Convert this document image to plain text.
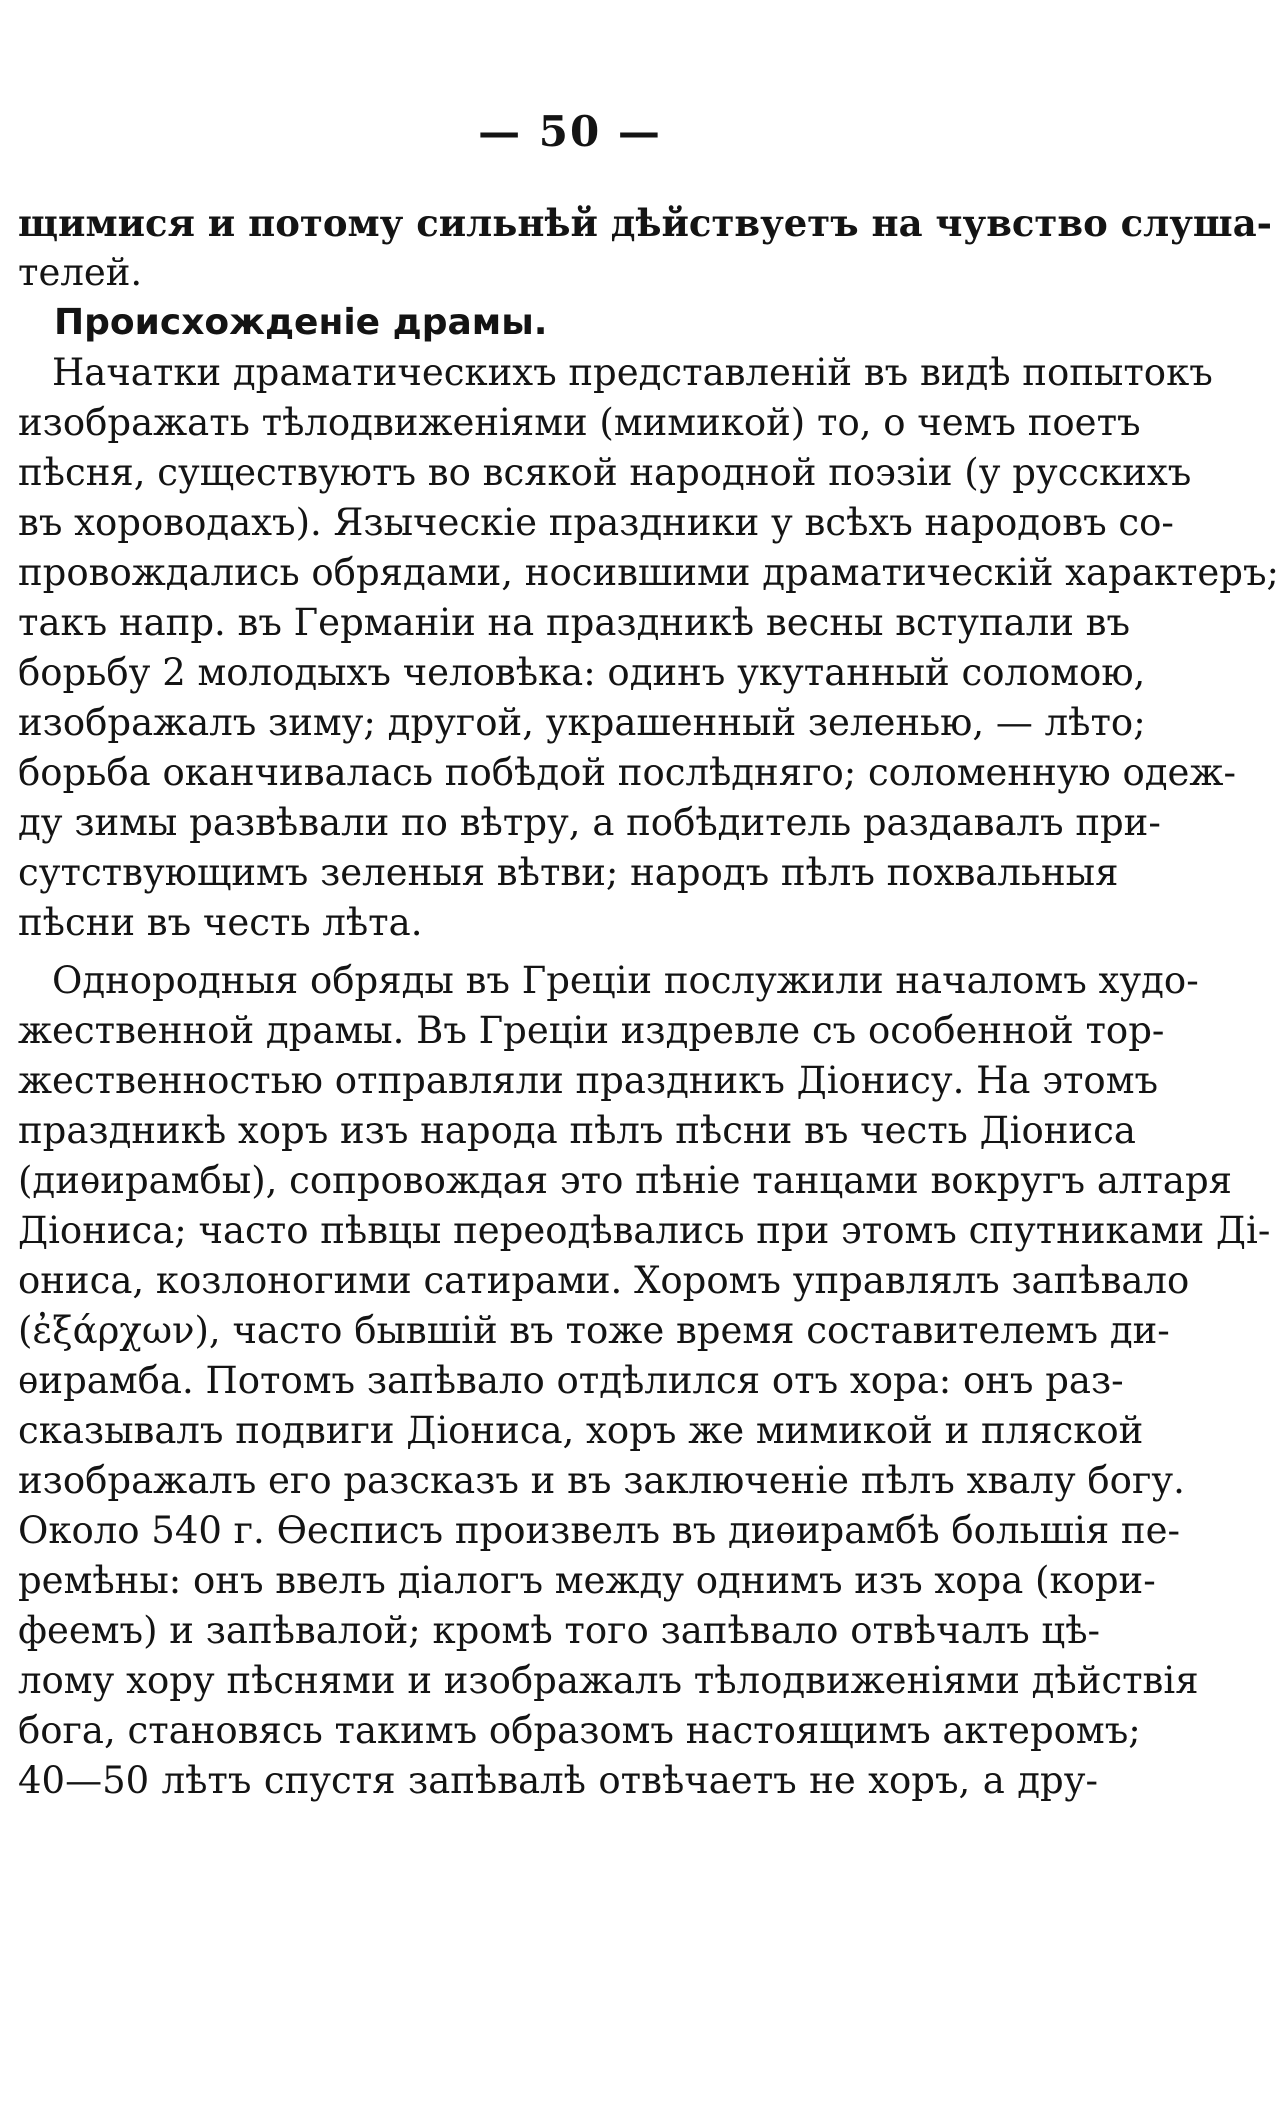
— 50 —
щимися и потому сильнѣй дѣйствуетъ на чувство слуша-
телей.
Происхожденіе драмы.
Начатки драматическихъ представленій въ видѣ попытокъ
изображать тѣлодвиженіями (мимикой) то, о чемъ поетъ
пѣсня, существуютъ во всякой народной поэзіи (у русскихъ
въ хороводахъ). Языческіе праздники у всѣхъ народовъ со-
провождались обрядами, носившими драматическій характеръ;
такъ напр. въ Германіи на праздникѣ весны вступали въ
борьбу 2 молодыхъ человѣка: одинъ укутанный соломою,
изображалъ зиму; другой, украшенный зеленью, — лѣто;
борьба оканчивалась побѣдой послѣдняго; соломенную одеж-
ду зимы развѣвали по вѣтру, а побѣдитель раздавалъ при-
сутствующимъ зеленыя вѣтви; народъ пѣлъ похвальныя
пѣсни въ честь лѣта.
Однородныя обряды въ Греціи послужили началомъ худо-
жественной драмы. Въ Греціи издревле съ особенной тор-
жественностью отправляли праздникъ Діонису. На этомъ
праздникѣ хоръ изъ народа пѣлъ пѣсни въ честь Діониса
(диѳирамбы), сопровождая это пѣніе танцами вокругъ алтаря
Діониса; часто пѣвцы переодѣвались при этомъ спутниками Ді-
ониса, козлоногими сатирами. Хоромъ управлялъ запѣвало
(ἐξάρχων), часто бывшій въ тоже время составителемъ ди-
ѳирамба. Потомъ запѣвало отдѣлился отъ хора: онъ раз-
сказывалъ подвиги Діониса, хоръ же мимикой и пляской
изображалъ его разсказъ и въ заключеніе пѣлъ хвалу богу.
Около 540 г. Ѳесписъ произвелъ въ диѳирамбѣ большія пе-
ремѣны: онъ ввелъ діалогъ между однимъ изъ хора (кори-
феемъ) и запѣвалой; кромѣ того запѣвало отвѣчалъ цѣ-
лому хору пѣснями и изображалъ тѣлодвиженіями дѣйствія
бога, становясь такимъ образомъ настоящимъ актеромъ;
40—50 лѣтъ спустя запѣвалѣ отвѣчаетъ не хоръ, а дру-
